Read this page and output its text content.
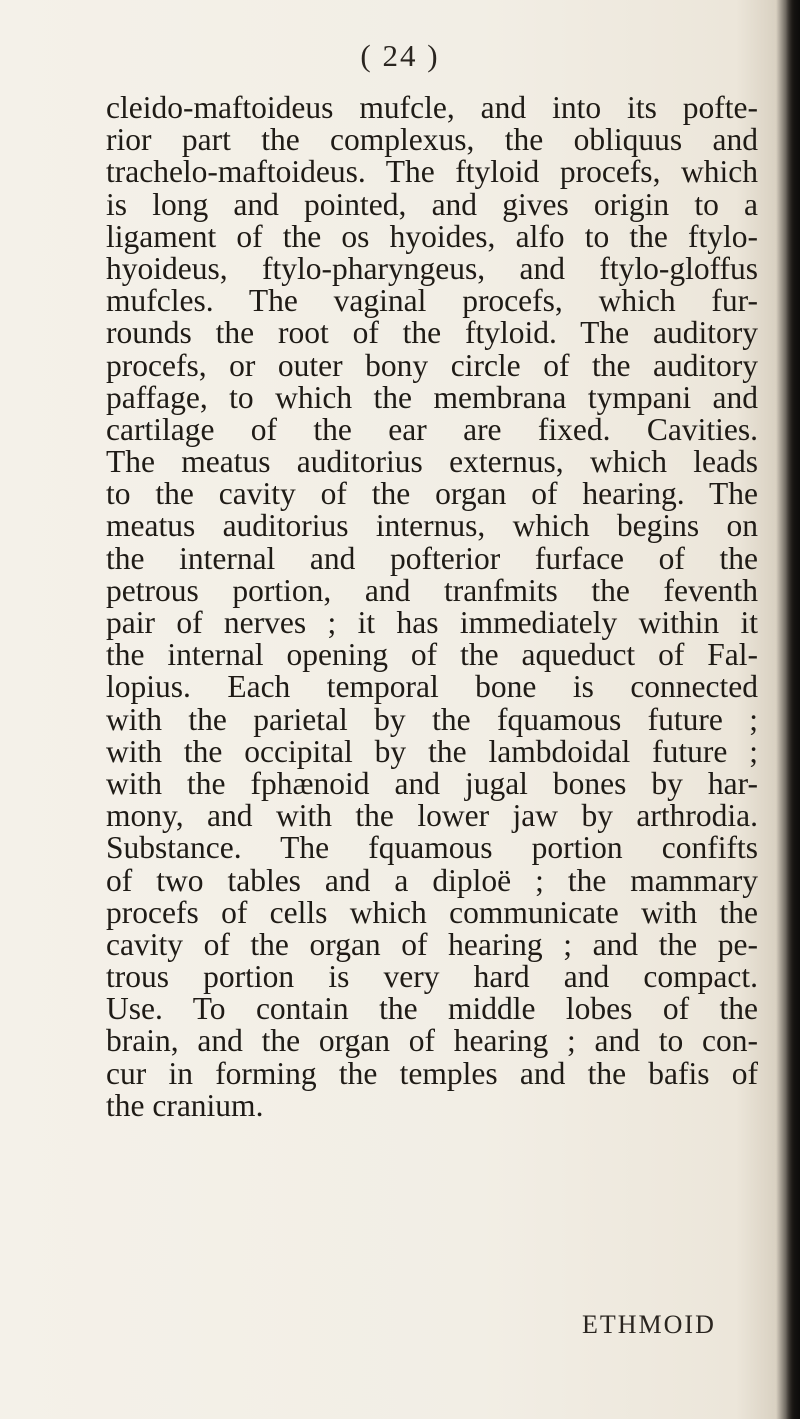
( 24 )
cleido-maftoideus mufcle, and into its pofte-
rior part the complexus, the obliquus and
trachelo-maftoideus. The ftyloid procefs, which
is long and pointed, and gives origin to a
ligament of the os hyoides, alfo to the ftylo-
hyoideus, ftylo-pharyngeus, and ftylo-gloffus
mufcles. The vaginal procefs, which fur-
rounds the root of the ftyloid. The auditory
procefs, or outer bony circle of the auditory
paffage, to which the membrana tympani and
cartilage of the ear are fixed. Cavities.
The meatus auditorius externus, which leads
to the cavity of the organ of hearing. The
meatus auditorius internus, which begins on
the internal and pofterior furface of the
petrous portion, and tranfmits the feventh
pair of nerves ; it has immediately within it
the internal opening of the aqueduct of Fal-
lopius. Each temporal bone is connected
with the parietal by the fquamous future ;
with the occipital by the lambdoidal future ;
with the fphænoid and jugal bones by har-
mony, and with the lower jaw by arthrodia.
Substance. The fquamous portion confifts
of two tables and a diploë ; the mammary
procefs of cells which communicate with the
cavity of the organ of hearing ; and the pe-
trous portion is very hard and compact.
Use. To contain the middle lobes of the
brain, and the organ of hearing ; and to con-
cur in forming the temples and the bafis of
the cranium.
ETHMOID
